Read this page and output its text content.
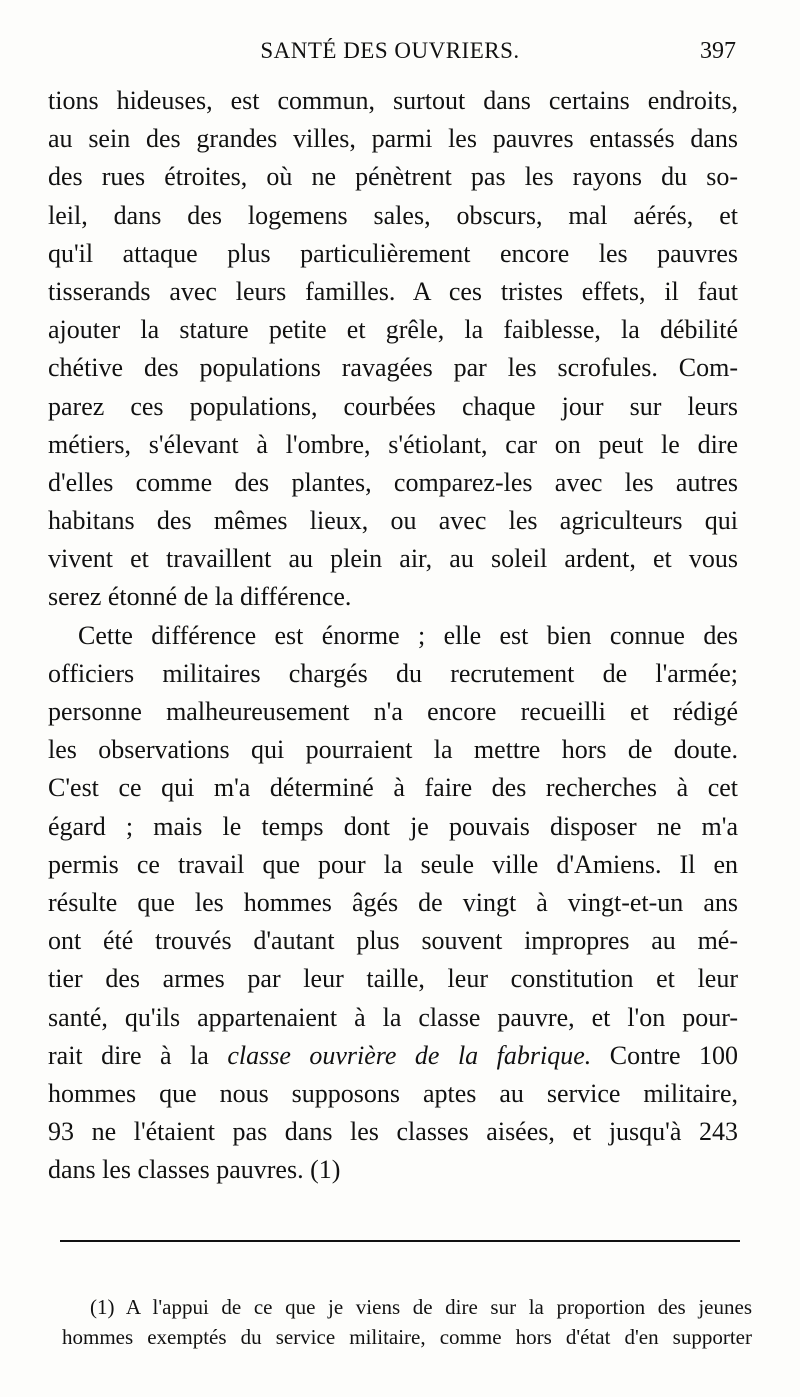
SANTÉ DES OUVRIERS.	397
tions hideuses, est commun, surtout dans certains endroits,
au sein des grandes villes, parmi les pauvres entassés dans
des rues étroites, où ne pénètrent pas les rayons du so-
leil, dans des logemens sales, obscurs, mal aérés, et
qu'il attaque plus particulièrement encore les pauvres
tisserands avec leurs familles. A ces tristes effets, il faut
ajouter la stature petite et grêle, la faiblesse, la débilité
chétive des populations ravagées par les scrofules. Com-
parez ces populations, courbées chaque jour sur leurs
métiers, s'élevant à l'ombre, s'étiolant, car on peut le dire
d'elles comme des plantes, comparez-les avec les autres
habitans des mêmes lieux, ou avec les agriculteurs qui
vivent et travaillent au plein air, au soleil ardent, et vous
serez étonné de la différence.
Cette différence est énorme ; elle est bien connue des
officiers militaires chargés du recrutement de l'armée;
personne malheureusement n'a encore recueilli et rédigé
les observations qui pourraient la mettre hors de doute.
C'est ce qui m'a déterminé à faire des recherches à cet
égard ; mais le temps dont je pouvais disposer ne m'a
permis ce travail que pour la seule ville d'Amiens. Il en
résulte que les hommes âgés de vingt à vingt-et-un ans
ont été trouvés d'autant plus souvent impropres au mé-
tier des armes par leur taille, leur constitution et leur
santé, qu'ils appartenaient à la classe pauvre, et l'on pour-
rait dire à la classe ouvrière de la fabrique. Contre 100
hommes que nous supposons aptes au service militaire,
93 ne l'étaient pas dans les classes aisées, et jusqu'à 243
dans les classes pauvres. (1)
(1) A l'appui de ce que je viens de dire sur la proportion des jeunes
hommes exemptés du service militaire, comme hors d'état d'en supporter
